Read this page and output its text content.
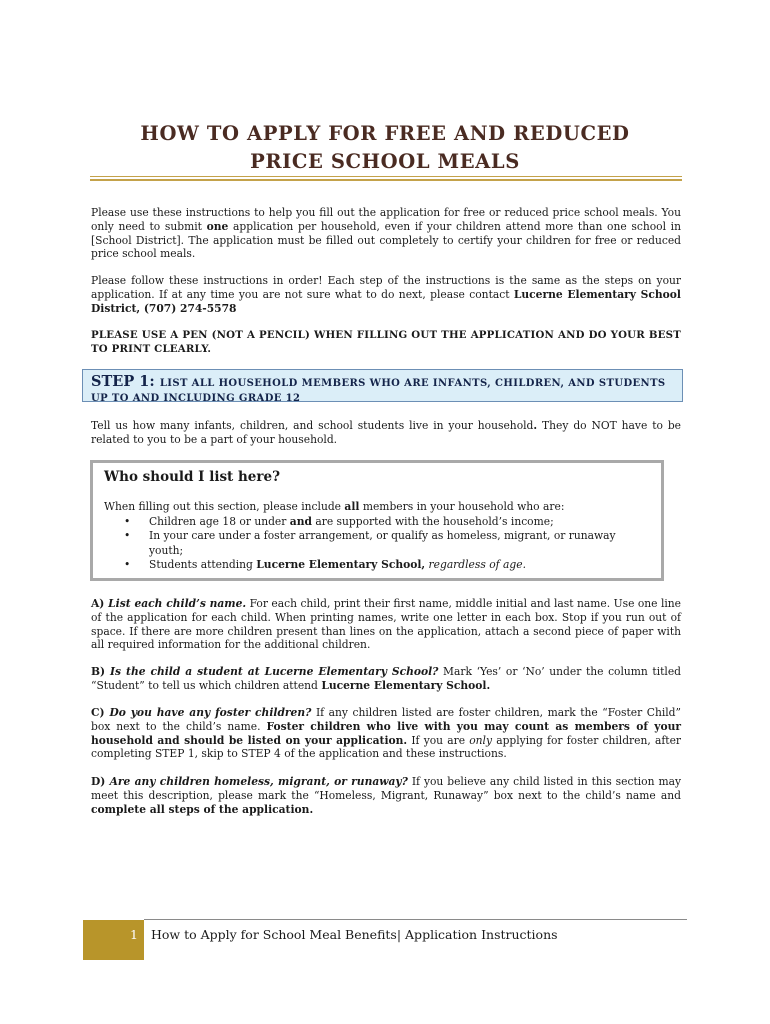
HOW TO APPLY FOR FREE AND REDUCED
PRICE SCHOOL MEALS

Please use these instructions to help you fill out the application for free or reduced price school meals. You only need to submit one application per household, even if your children attend more than one school in [School District]. The application must be filled out completely to certify your children for free or reduced price school meals.

Please follow these instructions in order! Each step of the instructions is the same as the steps on your application. If at any time you are not sure what to do next, please contact Lucerne Elementary School District, (707) 274-5578

PLEASE USE A PEN (NOT A PENCIL) WHEN FILLING OUT THE APPLICATION AND DO YOUR BEST TO PRINT CLEARLY.

STEP 1: LIST ALL HOUSEHOLD MEMBERS WHO ARE INFANTS, CHILDREN, AND STUDENTS
UP TO AND INCLUDING GRADE 12

Tell us how many infants, children, and school students live in your household. They do NOT have to be related to you to be a part of your household.

Who should I list here?
When filling out this section, please include all members in your household who are:
• Children age 18 or under and are supported with the household’s income;
• In your care under a foster arrangement, or qualify as homeless, migrant, or runaway youth;
• Students attending Lucerne Elementary School, regardless of age.

A) List each child’s name. For each child, print their first name, middle initial and last name. Use one line of the application for each child. When printing names, write one letter in each box. Stop if you run out of space. If there are more children present than lines on the application, attach a second piece of paper with all required information for the additional children.

B) Is the child a student at Lucerne Elementary School? Mark ‘Yes’ or ‘No’ under the column titled “Student” to tell us which children attend Lucerne Elementary School.

C) Do you have any foster children? If any children listed are foster children, mark the “Foster Child” box next to the child’s name. Foster children who live with you may count as members of your household and should be listed on your application. If you are only applying for foster children, after completing STEP 1, skip to STEP 4 of the application and these instructions.

D) Are any children homeless, migrant, or runaway? If you believe any child listed in this section may meet this description, please mark the “Homeless, Migrant, Runaway” box next to the child’s name and complete all steps of the application.

1 How to Apply for School Meal Benefits| Application Instructions
